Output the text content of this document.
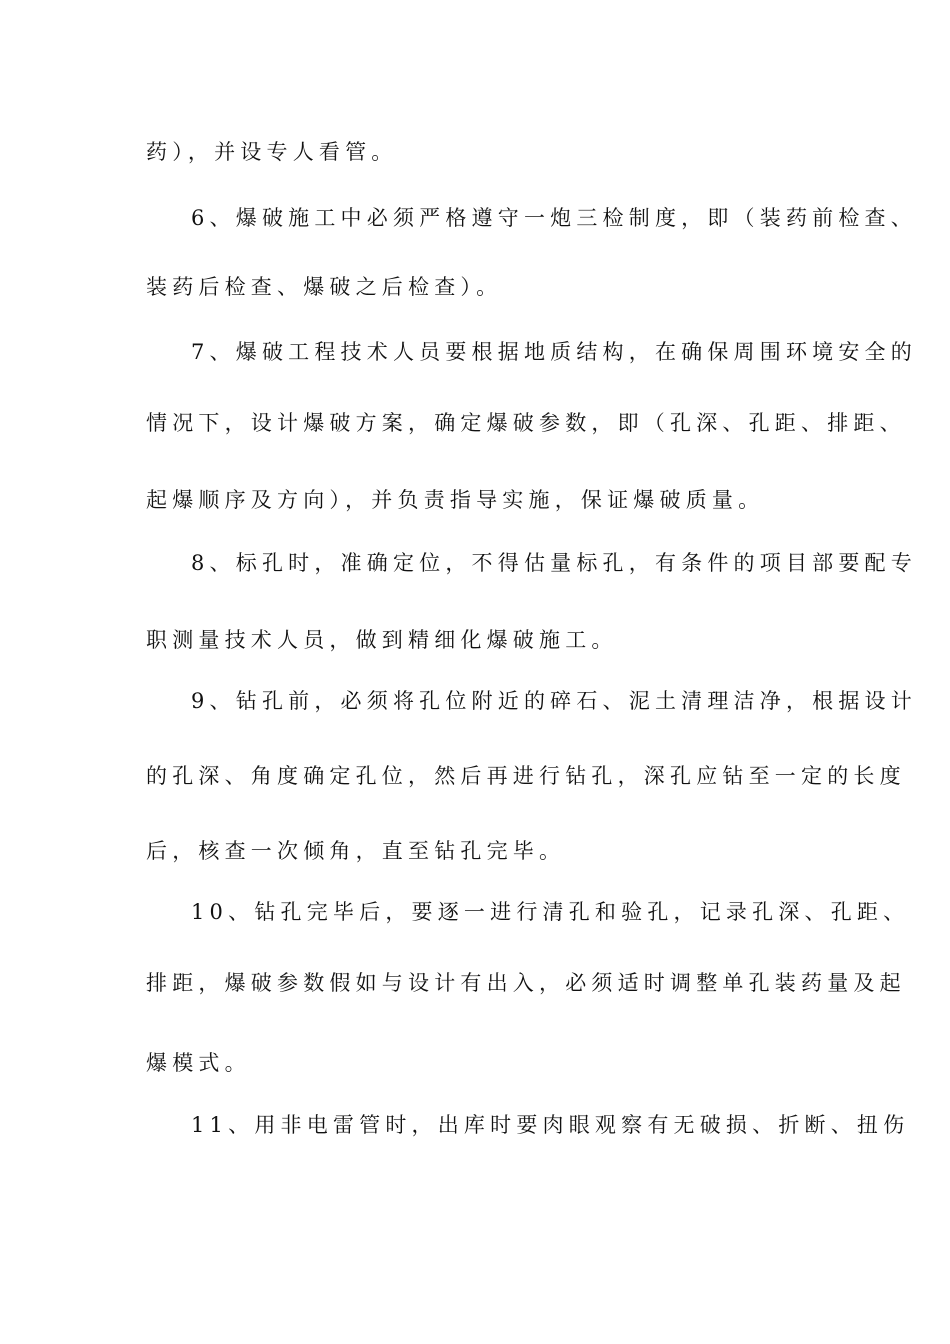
药），并设专人看管。
6、爆破施工中必须严格遵守一炮三检制度，即（装药前检查、
装药后检查、爆破之后检查）。
7、爆破工程技术人员要根据地质结构，在确保周围环境安全的
情况下，设计爆破方案，确定爆破参数，即（孔深、孔距、排距、
起爆顺序及方向），并负责指导实施，保证爆破质量。
8、标孔时，准确定位，不得估量标孔，有条件的项目部要配专
职测量技术人员，做到精细化爆破施工。
9、钻孔前，必须将孔位附近的碎石、泥土清理洁净，根据设计
的孔深、角度确定孔位，然后再进行钻孔，深孔应钻至一定的长度
后，核查一次倾角，直至钻孔完毕。
10、钻孔完毕后，要逐一进行清孔和验孔，记录孔深、孔距、
排距，爆破参数假如与设计有出入，必须适时调整单孔装药量及起
爆模式。
11、用非电雷管时，出库时要肉眼观察有无破损、折断、扭伤
